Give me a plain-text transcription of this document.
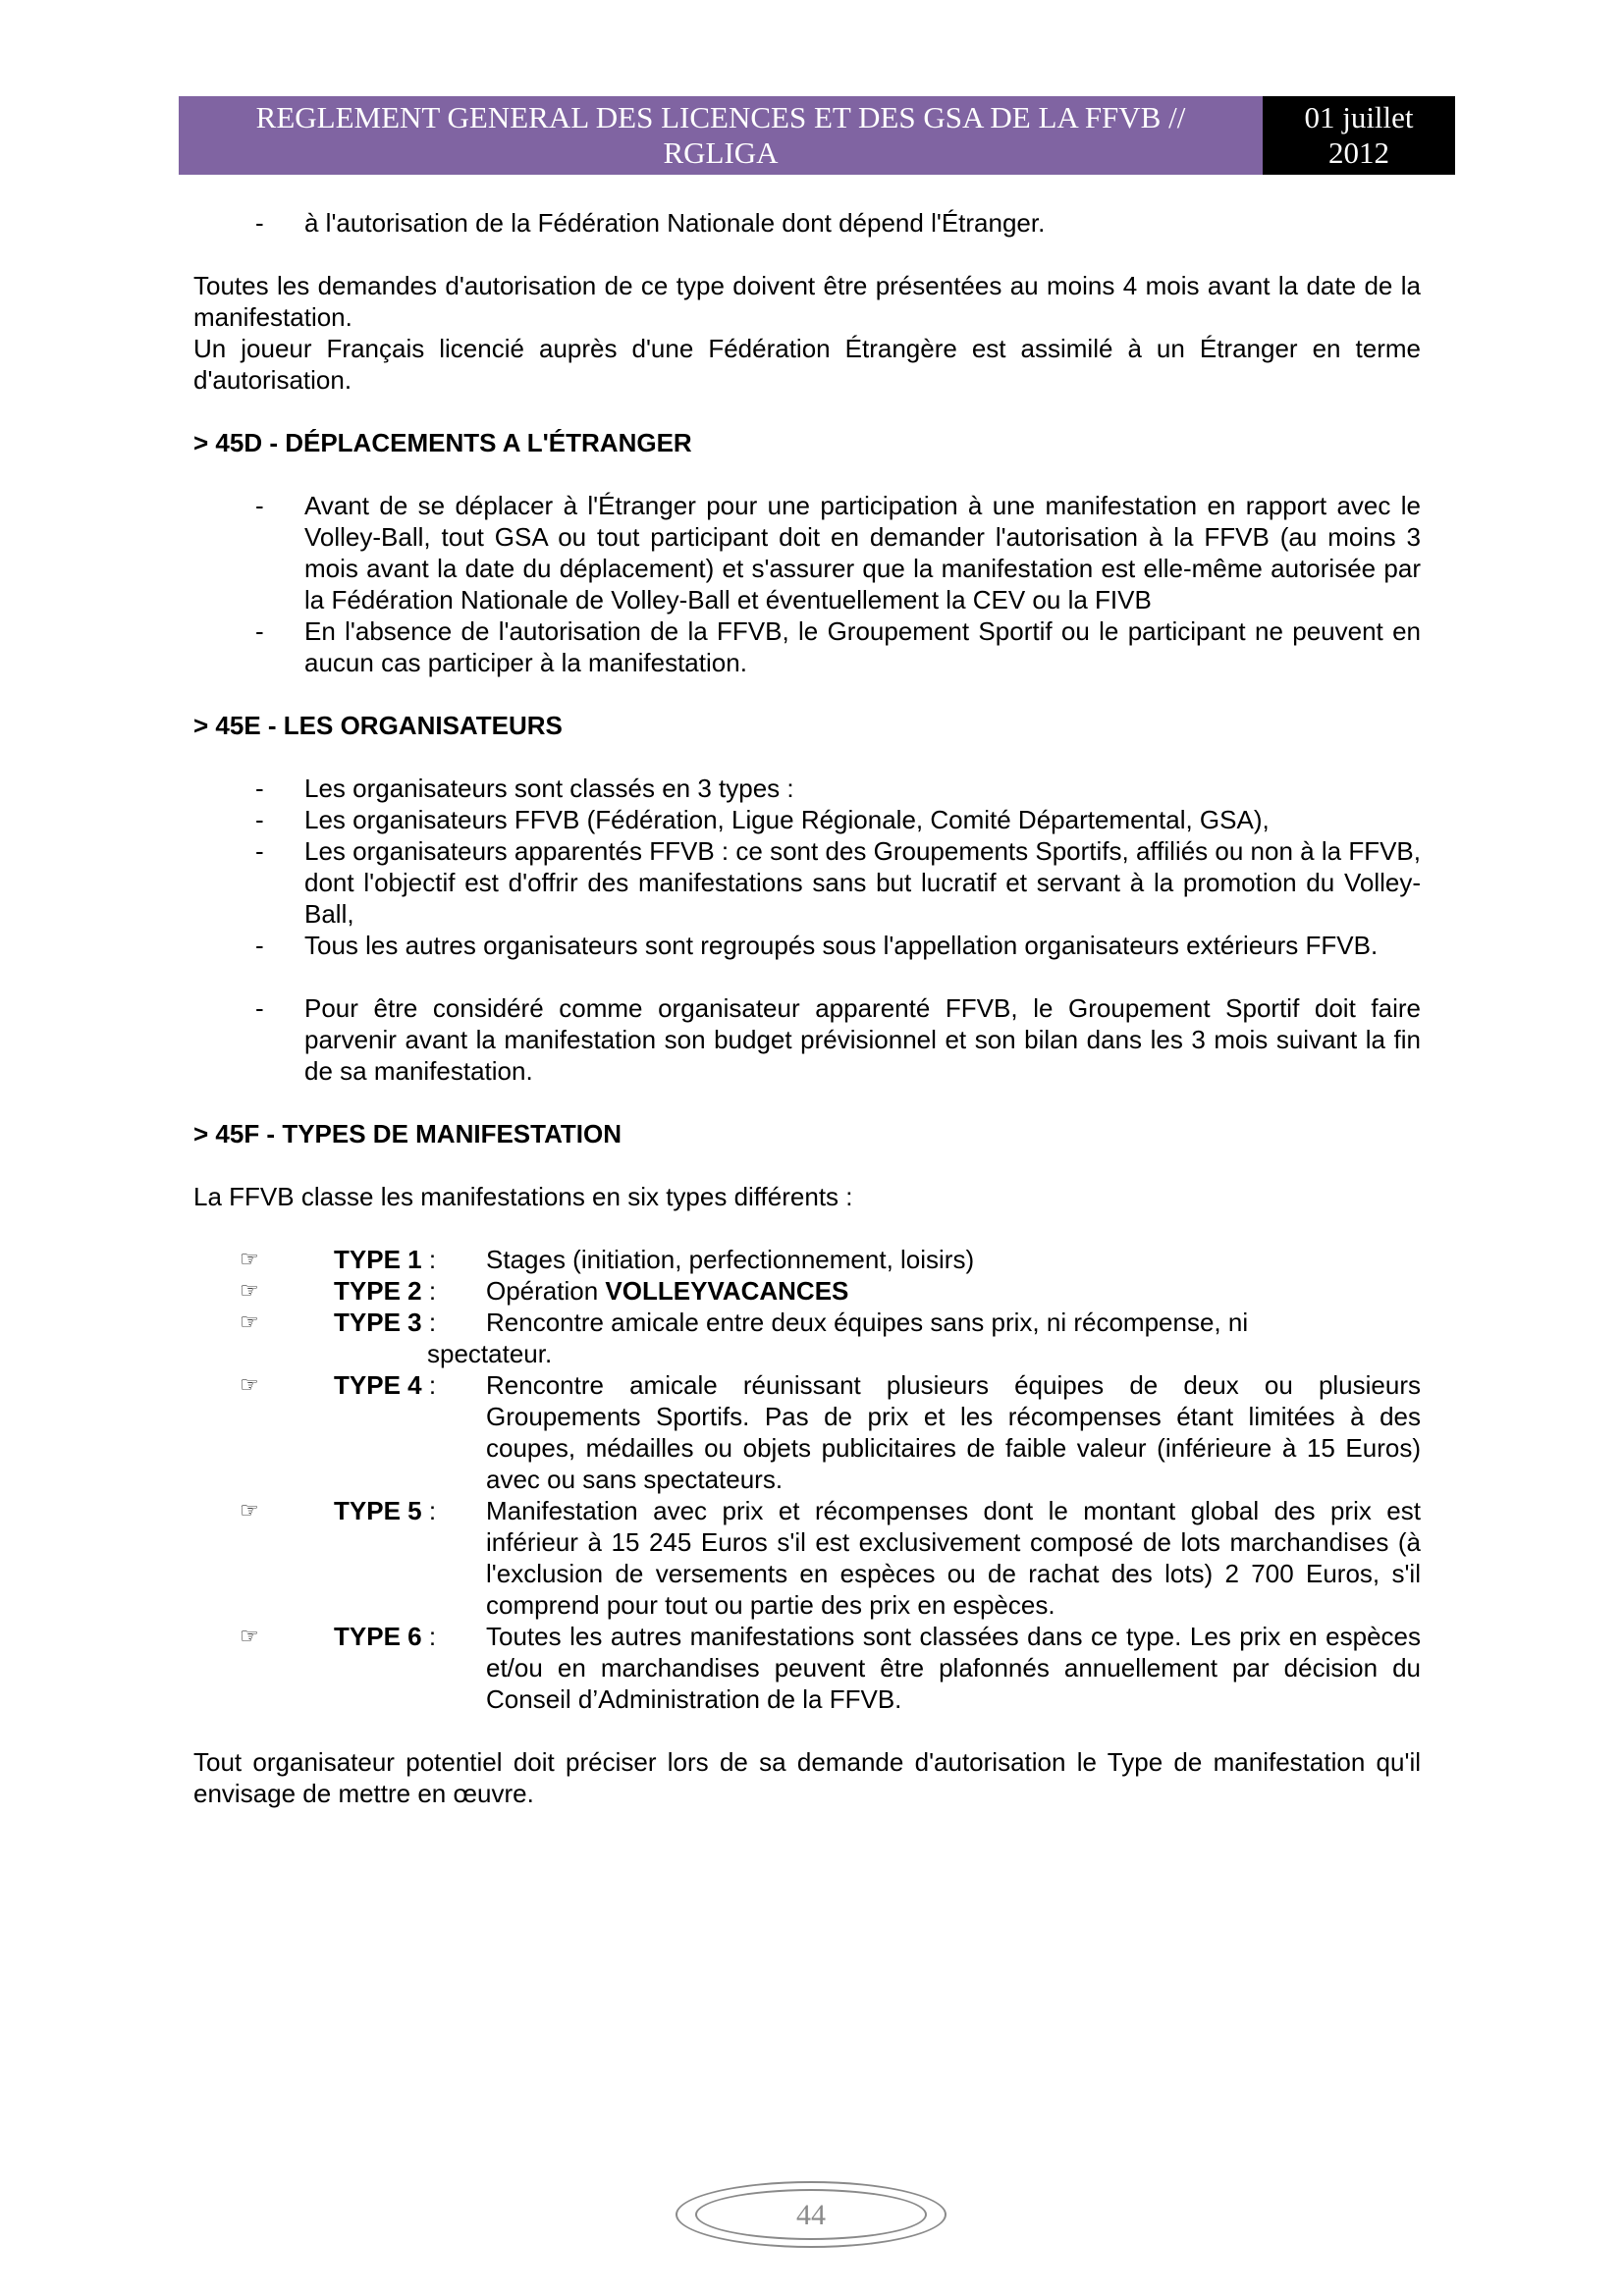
REGLEMENT GENERAL DES LICENCES ET DES GSA DE LA FFVB //
RGLIGA
01 juillet
2012
-	à l'autorisation de la Fédération Nationale dont dépend l'Étranger.

Toutes les demandes d'autorisation de ce type doivent être présentées au moins 4 mois avant la date de la manifestation.

Un joueur Français licencié auprès d'une Fédération Étrangère est assimilé à un Étranger en terme d'autorisation.

> 45D - DÉPLACEMENTS A L'ÉTRANGER

-	Avant de se déplacer à l'Étranger pour une participation à une manifestation en rapport avec le Volley-Ball, tout GSA ou tout participant doit en demander l'autorisation à la FFVB (au moins 3 mois avant la date du déplacement) et s'assurer que la manifestation est elle-même autorisée par la Fédération Nationale de Volley-Ball et éventuellement la CEV ou la FIVB
-	En l'absence de l'autorisation de la FFVB, le Groupement Sportif ou le participant ne peuvent en aucun cas participer à la manifestation.

> 45E - LES ORGANISATEURS

-	Les organisateurs sont classés en 3 types :
-	Les organisateurs FFVB (Fédération, Ligue Régionale, Comité Départemental, GSA),
-	Les organisateurs apparentés FFVB : ce sont des Groupements Sportifs, affiliés ou non à la FFVB, dont l'objectif est d'offrir des manifestations sans but lucratif et servant à la promotion du Volley-Ball,
-	Tous les autres organisateurs sont regroupés sous l'appellation organisateurs extérieurs FFVB.
-	Pour être considéré comme organisateur apparenté FFVB, le Groupement Sportif doit faire parvenir avant la manifestation son budget prévisionnel et son bilan dans les 3 mois suivant la fin de sa manifestation.

> 45F - TYPES DE MANIFESTATION

La FFVB classe les manifestations en six types différents :

☞	TYPE 1 :	Stages (initiation, perfectionnement, loisirs)
☞	TYPE 2 :	Opération VOLLEYVACANCES
☞	TYPE 3 :	Rencontre amicale entre deux équipes sans prix, ni récompense, ni
spectateur.
☞	TYPE 4 :	Rencontre amicale réunissant plusieurs équipes de deux ou plusieurs Groupements Sportifs. Pas de prix et les récompenses étant limitées à des coupes, médailles ou objets publicitaires de faible valeur (inférieure à 15 Euros) avec ou sans spectateurs.
☞	TYPE 5 :	Manifestation avec prix et récompenses dont le montant global des prix est inférieur à 15 245 Euros s'il est exclusivement composé de lots marchandises (à l'exclusion de versements en espèces ou de rachat des lots) 2 700 Euros, s'il comprend pour tout ou partie des prix en espèces.
☞	TYPE 6 :	Toutes les autres manifestations sont classées dans ce type. Les prix en espèces et/ou en marchandises peuvent être plafonnés annuellement par décision du Conseil d’Administration de la FFVB.

Tout organisateur potentiel doit préciser lors de sa demande d'autorisation le Type de manifestation qu'il envisage de mettre en œuvre.

44
